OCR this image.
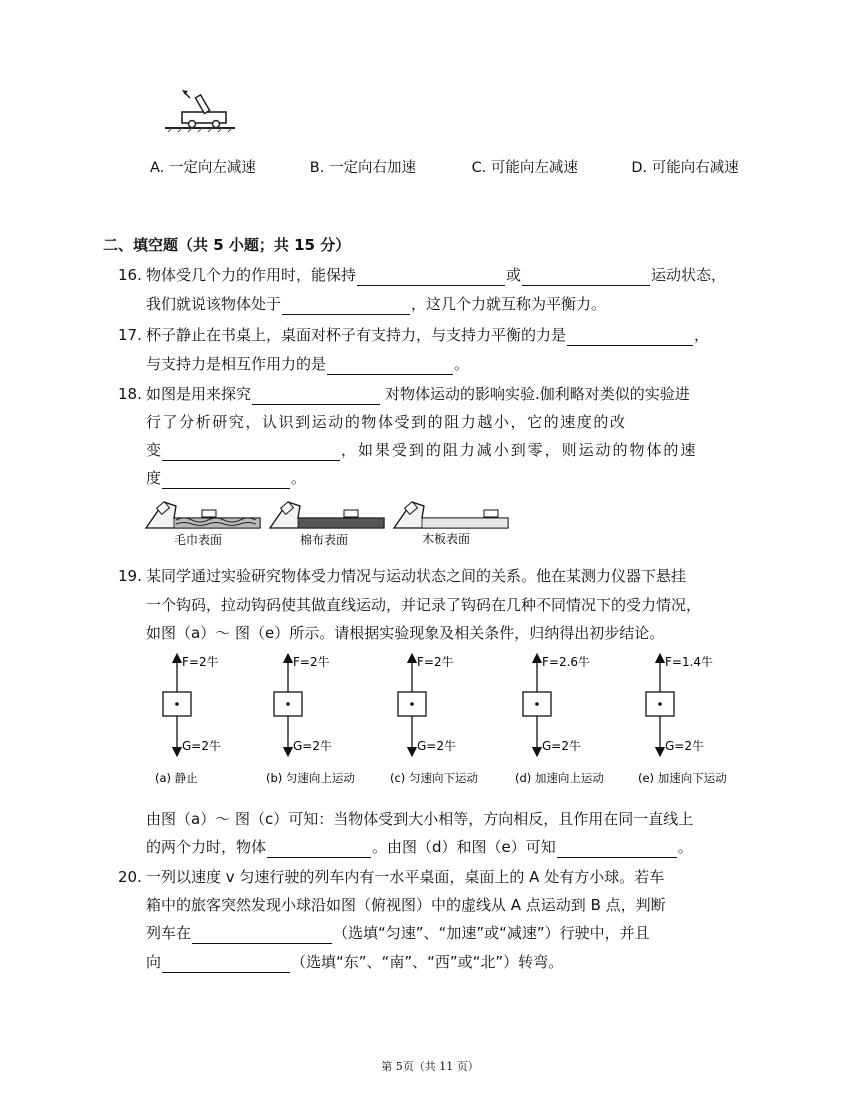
A. 一定向左减速	B. 一定向右加速	C. 可能向左减速	D. 可能向右减速
二、填空题（共 5 小题；共 15 分）
16. 物体受几个力的作用时，能保持	或	运动状态，
我们就说该物体处于	，这几个力就互称为平衡力。
17. 杯子静止在书桌上，桌面对杯子有支持力，与支持力平衡的力是	，
与支持力是相互作用力的是	。
18. 如图是用来探究	对物体运动的影响实验.伽利略对类似的实验进
行 了 分 析 研 究 ， 认 识 到 运 动 的 物 体 受 到 的 阻 力 越 小 ， 它 的 速 度 的 改
变	， 如 果 受 到 的 阻 力 减 小 到 零 ， 则 运 动 的 物 体 的 速
度	。
毛巾表面	棉布表面	木板表面
19. 某同学通过实验研究物体受力情况与运动状态之间的关系。他在某测力仪器下悬挂
一个钩码，拉动钩码使其做直线运动，并记录了钩码在几种不同情况下的受力情况，
如图（a）～ 图（e）所示。请根据实验现象及相关条件，归纳得出初步结论。
F=2牛
G=2牛
(a) 静止
F=2牛
G=2牛
(b) 匀速向上运动
F=2牛
G=2牛
(c) 匀速向下运动
F=2.6牛
G=2牛
(d) 加速向上运动
F=1.4牛
G=2牛
(e) 加速向下运动
由图（a）～ 图（c）可知：当物体受到大小相等，方向相反，且作用在同一直线上
的两个力时，物体	。由图（d）和图（e）可知	。
20. 一列以速度 v 匀速行驶的列车内有一水平桌面，桌面上的 A 处有方小球。若车
箱中的旅客突然发现小球沿如图（俯视图）中的虚线从 A 点运动到 B 点，判断
列车在	（选填“匀速”、“加速”或“减速”）行驶中，并且
向	（选填“东”、“南”、“西”或“北”）转弯。
第 5页（共 11 页）
